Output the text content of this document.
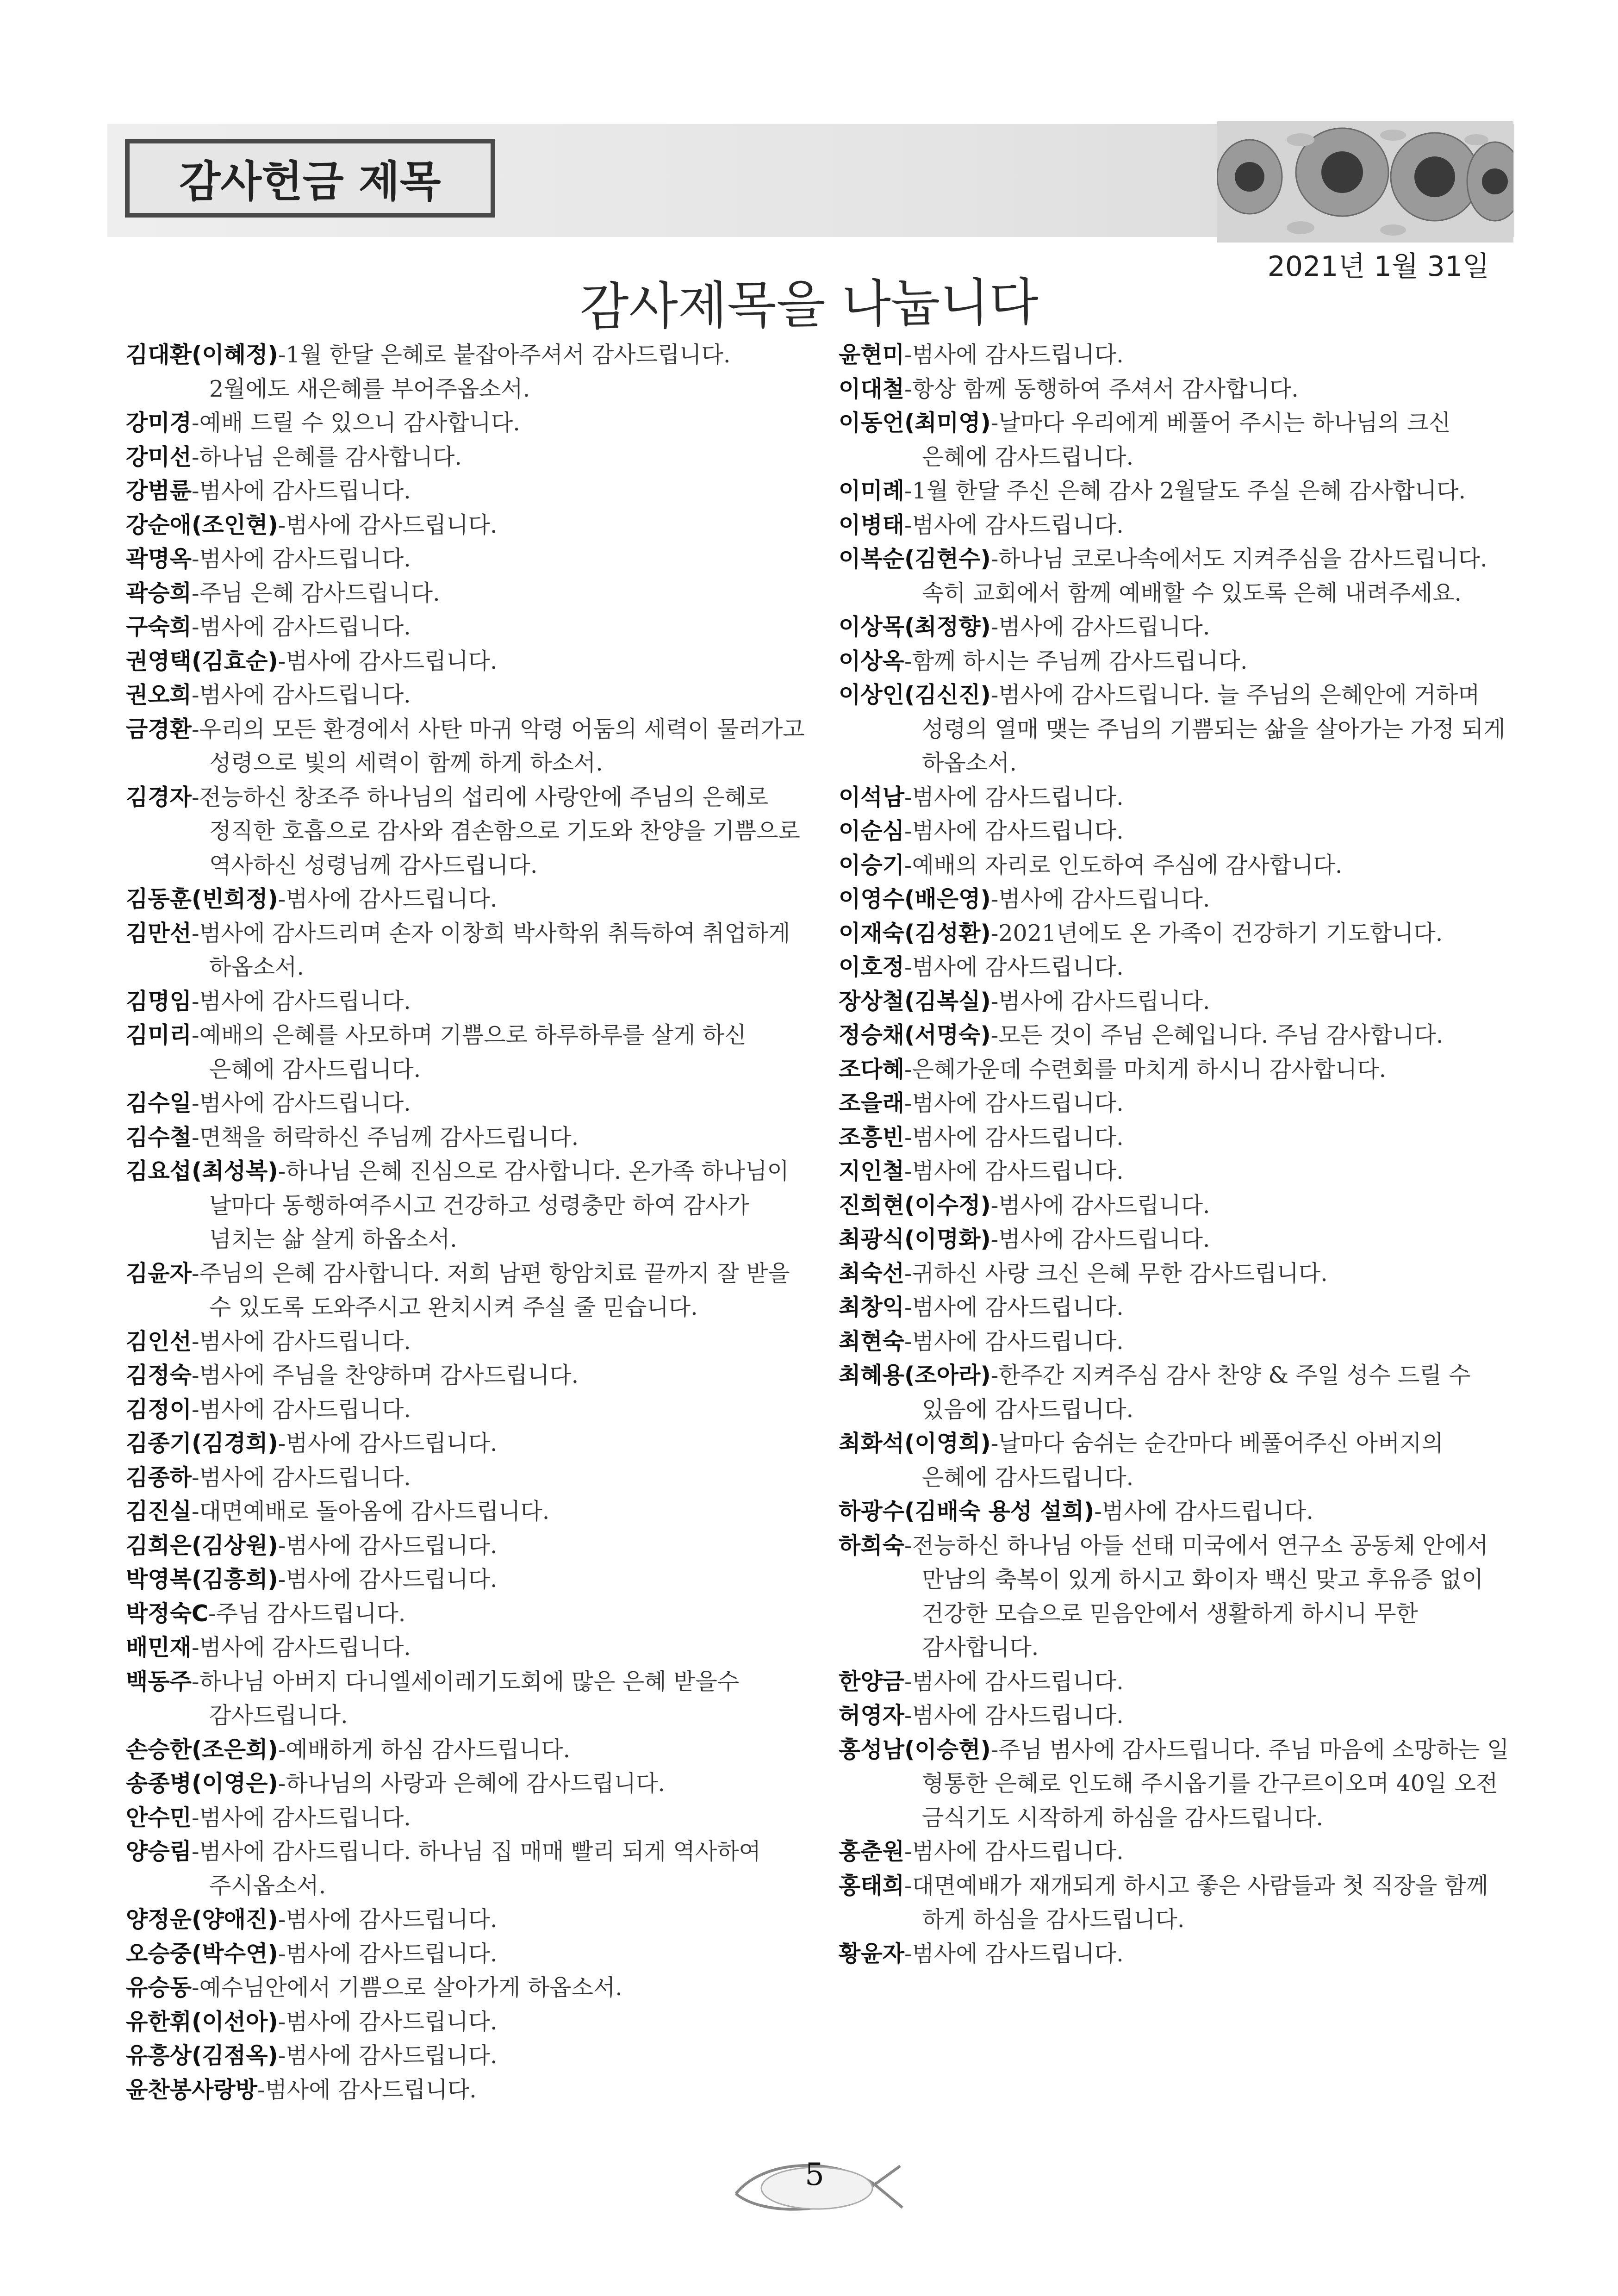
감사헌금 제목
2021년 1월 31일
감사제목을 나눕니다
김대환(이혜정)-1월 한달 은혜로 붙잡아주셔서 감사드립니다. 2월에도 새은혜를 부어주옵소서.
강미경-예배 드릴 수 있으니 감사합니다.
강미선-하나님 은혜를 감사합니다.
강범륜-범사에 감사드립니다.
강순애(조인현)-범사에 감사드립니다.
곽명옥-범사에 감사드립니다.
곽승희-주님 은혜 감사드립니다.
구숙희-범사에 감사드립니다.
권영택(김효순)-범사에 감사드립니다.
권오희-범사에 감사드립니다.
금경환-우리의 모든 환경에서 사탄 마귀 악령 어둠의 세력이 물러가고 성령으로 빛의 세력이 함께 하게 하소서.
김경자-전능하신 창조주 하나님의 섭리에 사랑안에 주님의 은혜로 정직한 호흡으로 감사와 겸손함으로 기도와 찬양을 기쁨으로 역사하신 성령님께 감사드립니다.
김동훈(빈희정)-범사에 감사드립니다.
김만선-범사에 감사드리며 손자 이창희 박사학위 취득하여 취업하게 하옵소서.
김명임-범사에 감사드립니다.
김미리-예배의 은혜를 사모하며 기쁨으로 하루하루를 살게 하신 은혜에 감사드립니다.
김수일-범사에 감사드립니다.
김수철-면책을 허락하신 주님께 감사드립니다.
김요섭(최성복)-하나님 은혜 진심으로 감사합니다. 온가족 하나님이 날마다 동행하여주시고 건강하고 성령충만 하여 감사가 넘치는 삶 살게 하옵소서.
김윤자-주님의 은혜 감사합니다. 저희 남편 항암치료 끝까지 잘 받을 수 있도록 도와주시고 완치시켜 주실 줄 믿습니다.
김인선-범사에 감사드립니다.
김정숙-범사에 주님을 찬양하며 감사드립니다.
김정이-범사에 감사드립니다.
김종기(김경희)-범사에 감사드립니다.
김종하-범사에 감사드립니다.
김진실-대면예배로 돌아옴에 감사드립니다.
김희은(김상원)-범사에 감사드립니다.
박영복(김흥희)-범사에 감사드립니다.
박정숙C-주님 감사드립니다.
배민재-범사에 감사드립니다.
백동주-하나님 아버지 다니엘세이레기도회에 많은 은혜 받을수 감사드립니다.
손승한(조은희)-예배하게 하심 감사드립니다.
송종병(이영은)-하나님의 사랑과 은혜에 감사드립니다.
안수민-범사에 감사드립니다.
양승림-범사에 감사드립니다. 하나님 집 매매 빨리 되게 역사하여 주시옵소서.
양정운(양애진)-범사에 감사드립니다.
오승중(박수연)-범사에 감사드립니다.
유승동-예수님안에서 기쁨으로 살아가게 하옵소서.
유한휘(이선아)-범사에 감사드립니다.
유흥상(김점옥)-범사에 감사드립니다.
윤찬봉사랑방-범사에 감사드립니다.
윤현미-범사에 감사드립니다.
이대철-항상 함께 동행하여 주셔서 감사합니다.
이동언(최미영)-날마다 우리에게 베풀어 주시는 하나님의 크신 은혜에 감사드립니다.
이미례-1월 한달 주신 은혜 감사 2월달도 주실 은혜 감사합니다.
이병태-범사에 감사드립니다.
이복순(김현수)-하나님 코로나속에서도 지켜주심을 감사드립니다. 속히 교회에서 함께 예배할 수 있도록 은혜 내려주세요.
이상목(최정향)-범사에 감사드립니다.
이상옥-함께 하시는 주님께 감사드립니다.
이상인(김신진)-범사에 감사드립니다. 늘 주님의 은혜안에 거하며 성령의 열매 맺는 주님의 기쁨되는 삶을 살아가는 가정 되게 하옵소서.
이석남-범사에 감사드립니다.
이순심-범사에 감사드립니다.
이승기-예배의 자리로 인도하여 주심에 감사합니다.
이영수(배은영)-범사에 감사드립니다.
이재숙(김성환)-2021년에도 온 가족이 건강하기 기도합니다.
이호정-범사에 감사드립니다.
장상철(김복실)-범사에 감사드립니다.
정승채(서명숙)-모든 것이 주님 은혜입니다. 주님 감사합니다.
조다혜-은혜가운데 수련회를 마치게 하시니 감사합니다.
조을래-범사에 감사드립니다.
조흥빈-범사에 감사드립니다.
지인철-범사에 감사드립니다.
진희현(이수정)-범사에 감사드립니다.
최광식(이명화)-범사에 감사드립니다.
최숙선-귀하신 사랑 크신 은혜 무한 감사드립니다.
최창익-범사에 감사드립니다.
최현숙-범사에 감사드립니다.
최혜용(조아라)-한주간 지켜주심 감사 찬양 & 주일 성수 드릴 수 있음에 감사드립니다.
최화석(이영희)-날마다 숨쉬는 순간마다 베풀어주신 아버지의 은혜에 감사드립니다.
하광수(김배숙 용성 설희)-범사에 감사드립니다.
하희숙-전능하신 하나님 아들 선태 미국에서 연구소 공동체 안에서 만남의 축복이 있게 하시고 화이자 백신 맞고 후유증 없이 건강한 모습으로 믿음안에서 생활하게 하시니 무한 감사합니다.
한양금-범사에 감사드립니다.
허영자-범사에 감사드립니다.
홍성남(이승현)-주님 범사에 감사드립니다. 주님 마음에 소망하는 일 형통한 은혜로 인도해 주시옵기를 간구르이오며 40일 오전 금식기도 시작하게 하심을 감사드립니다.
홍춘원-범사에 감사드립니다.
홍태희-대면예배가 재개되게 하시고 좋은 사람들과 첫 직장을 함께 하게 하심을 감사드립니다.
황윤자-범사에 감사드립니다.
5
